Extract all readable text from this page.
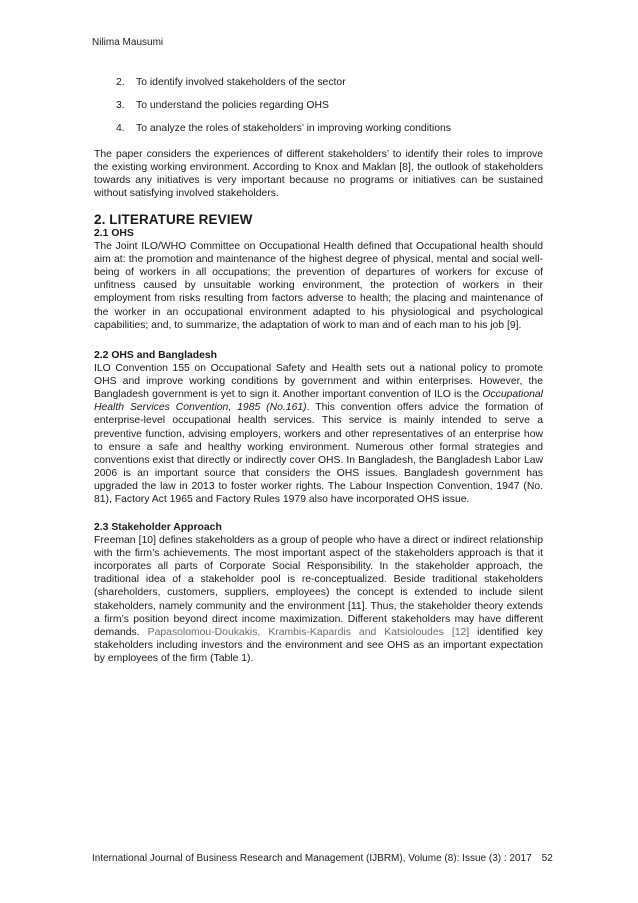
Nilima Mausumi
2. To identify involved stakeholders of the sector
3. To understand the policies regarding OHS
4. To analyze the roles of stakeholders’ in improving working conditions

The paper considers the experiences of different stakeholders’ to identify their roles to improve the existing working environment. According to Knox and Maklan [8], the outlook of stakeholders towards any initiatives is very important because no programs or initiatives can be sustained without satisfying involved stakeholders.

2. LITERATURE REVIEW

2.1 OHS

The Joint ILO/WHO Committee on Occupational Health defined that Occupational health should aim at: the promotion and maintenance of the highest degree of physical, mental and social well-being of workers in all occupations; the prevention of departures of workers for excuse of unfitness caused by unsuitable working environment, the protection of workers in their employment from risks resulting from factors adverse to health; the placing and maintenance of the worker in an occupational environment adapted to his physiological and psychological capabilities; and, to summarize, the adaptation of work to man and of each man to his job [9].

2.2 OHS and Bangladesh

ILO Convention 155 on Occupational Safety and Health sets out a national policy to promote OHS and improve working conditions by government and within enterprises. However, the Bangladesh government is yet to sign it. Another important convention of ILO is the Occupational Health Services Convention, 1985 (No.161). This convention offers advice the formation of enterprise-level occupational health services. This service is mainly intended to serve a preventive function, advising employers, workers and other representatives of an enterprise how to ensure a safe and healthy working environment. Numerous other formal strategies and conventions exist that directly or indirectly cover OHS. In Bangladesh, the Bangladesh Labor Law 2006 is an important source that considers the OHS issues. Bangladesh government has upgraded the law in 2013 to foster worker rights. The Labour Inspection Convention, 1947 (No. 81), Factory Act 1965 and Factory Rules 1979 also have incorporated OHS issue.

2.3 Stakeholder Approach

Freeman [10] defines stakeholders as a group of people who have a direct or indirect relationship with the firm’s achievements. The most important aspect of the stakeholders approach is that it incorporates all parts of Corporate Social Responsibility. In the stakeholder approach, the traditional idea of a stakeholder pool is re-conceptualized. Beside traditional stakeholders (shareholders, customers, suppliers, employees) the concept is extended to include silent stakeholders, namely community and the environment [11]. Thus, the stakeholder theory extends a firm’s position beyond direct income maximization. Different stakeholders may have different demands. Papasolomou-Doukakis, Krambis-Kapardis and Katsioloudes [12] identified key stakeholders including investors and the environment and see OHS as an important expectation by employees of the firm (Table 1).

International Journal of Business Research and Management (IJBRM), Volume (8): Issue (3) : 2017 52
